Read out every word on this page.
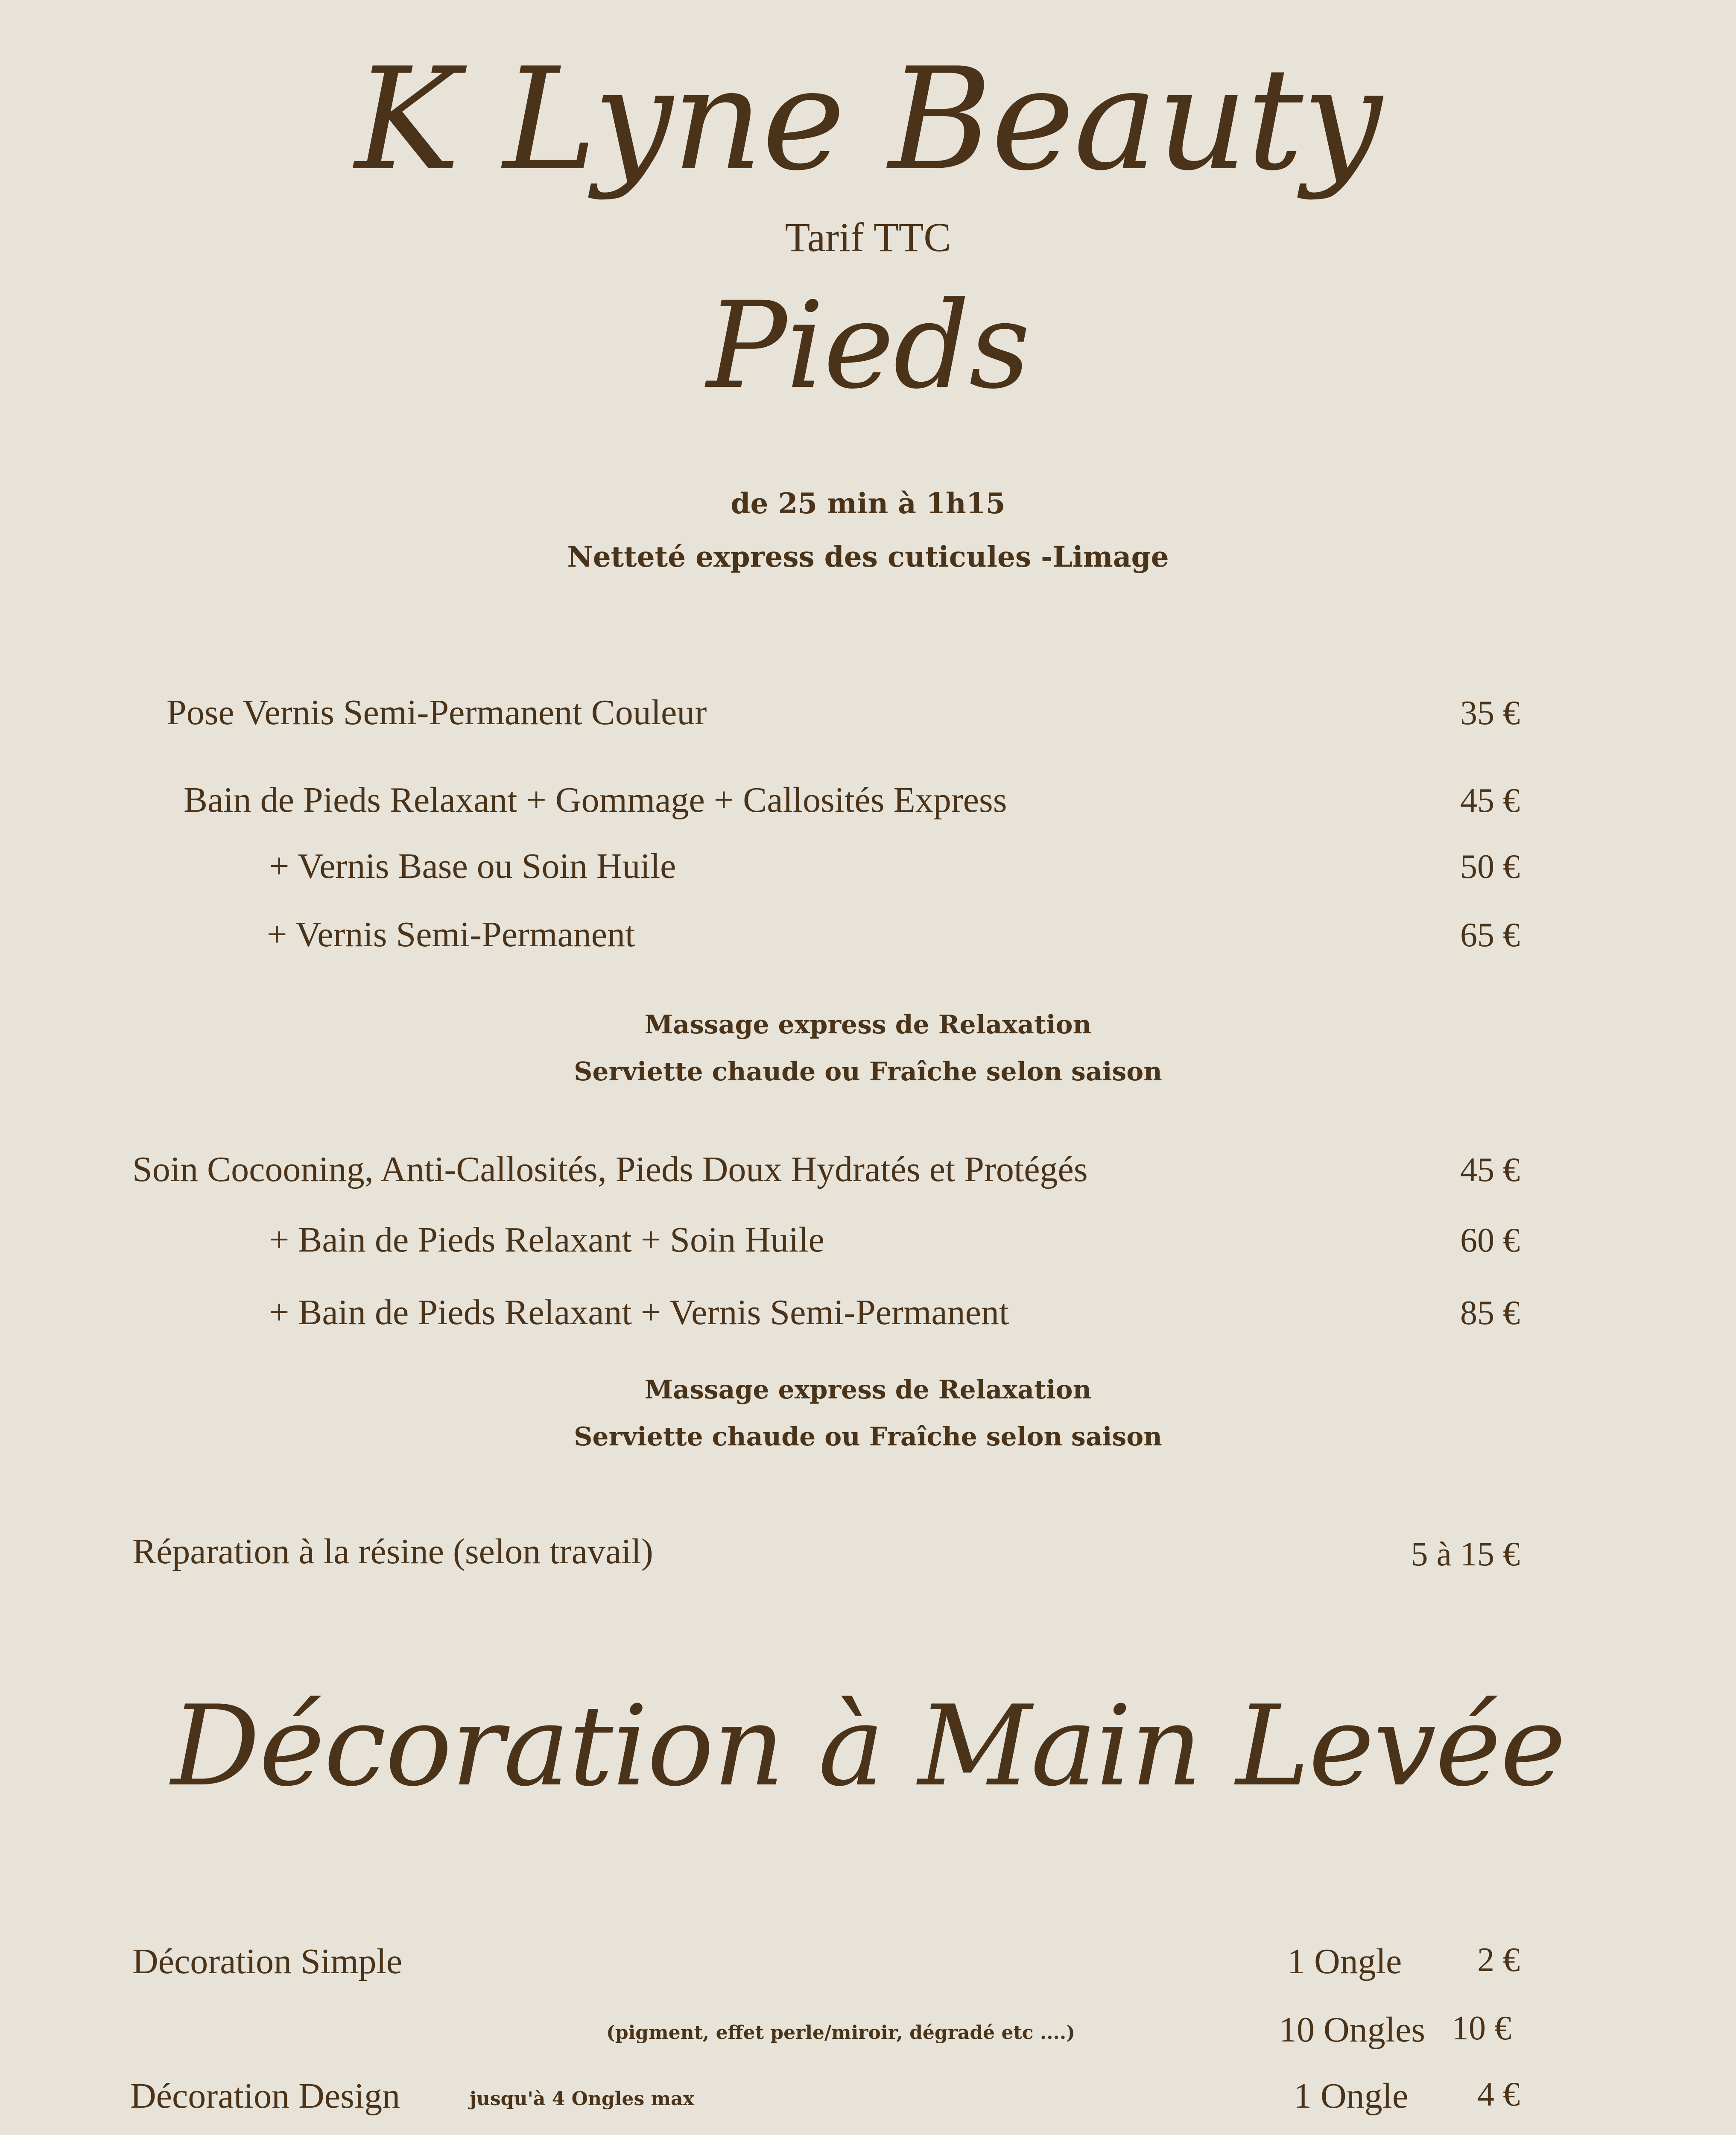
K Lyne Beauty
Tarif TTC
Pieds
de 25 min à 1h15
Netteté express des cuticules -Limage
Pose Vernis Semi-Permanent Couleur	35 €
Bain de Pieds Relaxant + Gommage + Callosités Express	45 €
+ Vernis Base ou Soin Huile	50 €
+ Vernis Semi-Permanent	65 €
Massage express de Relaxation
Serviette chaude ou Fraîche selon saison
Soin Cocooning, Anti-Callosités, Pieds Doux Hydratés et Protégés	45 €
+ Bain de Pieds Relaxant + Soin Huile	60 €
+ Bain de Pieds Relaxant + Vernis Semi-Permanent	85 €
Massage express de Relaxation
Serviette chaude ou Fraîche selon saison
Réparation à la résine (selon travail)	5 à 15 €
Décoration à Main Levée
Décoration Simple	1 Ongle	2 €
(pigment, effet perle/miroir, dégradé etc ....)	10 Ongles 10 €
Décoration Design	jusqu'à 4 Ongles max	1 Ongle	4 €
